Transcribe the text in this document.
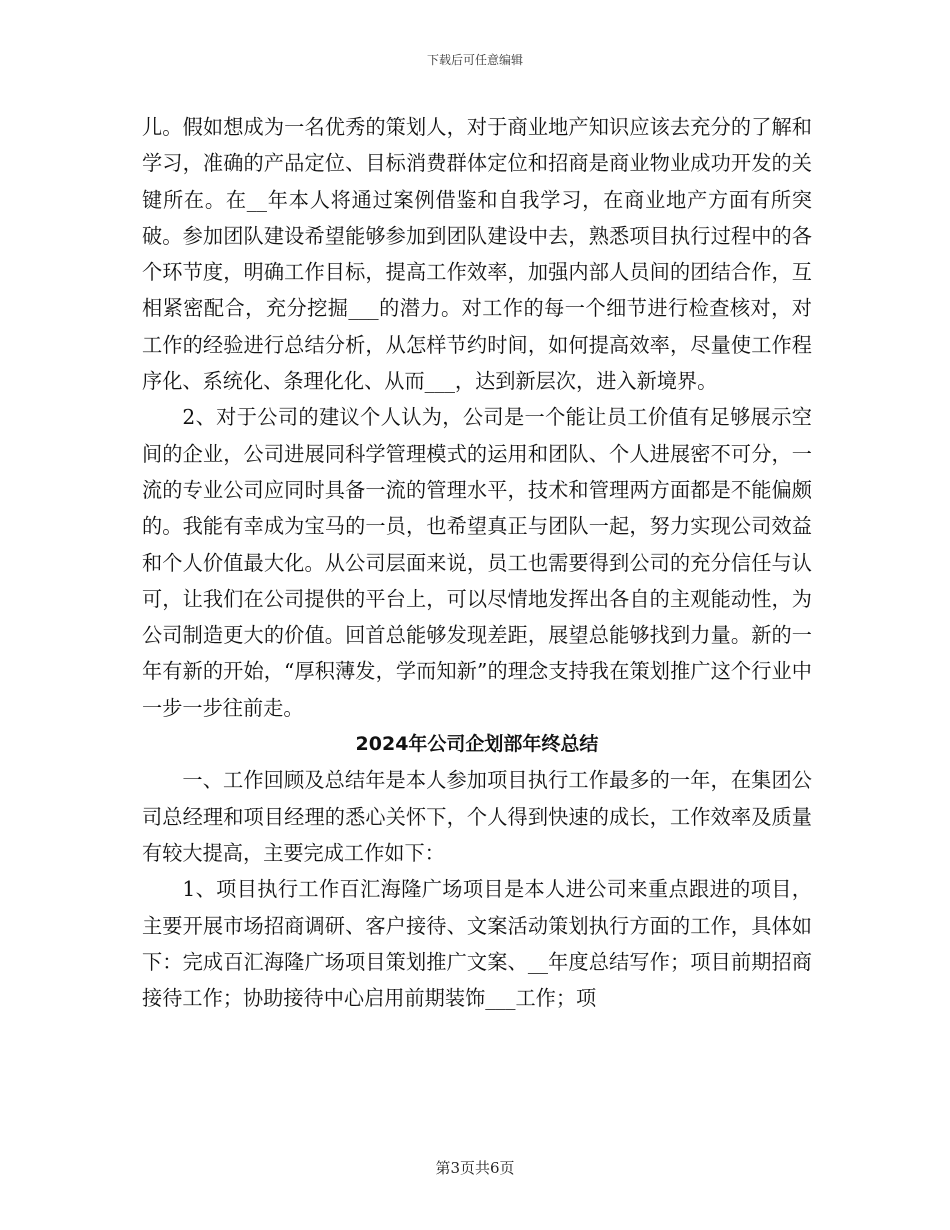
下载后可任意编辑

儿。假如想成为一名优秀的策划人，对于商业地产知识应该去充分的了解和学习，准确的产品定位、目标消费群体定位和招商是商业物业成功开发的关键所在。在__年本人将通过案例借鉴和自我学习，在商业地产方面有所突破。参加团队建设希望能够参加到团队建设中去，熟悉项目执行过程中的各个环节度，明确工作目标，提高工作效率，加强内部人员间的团结合作，互相紧密配合，充分挖掘___的潜力。对工作的每一个细节进行检查核对，对工作的经验进行总结分析，从怎样节约时间，如何提高效率，尽量使工作程序化、系统化、条理化化、从而___，达到新层次，进入新境界。

2、对于公司的建议个人认为，公司是一个能让员工价值有足够展示空间的企业，公司进展同科学管理模式的运用和团队、个人进展密不可分，一流的专业公司应同时具备一流的管理水平，技术和管理两方面都是不能偏颇的。我能有幸成为宝马的一员，也希望真正与团队一起，努力实现公司效益和个人价值最大化。从公司层面来说，员工也需要得到公司的充分信任与认可，让我们在公司提供的平台上，可以尽情地发挥出各自的主观能动性，为公司制造更大的价值。回首总能够发现差距，展望总能够找到力量。新的一年有新的开始，“厚积薄发，学而知新”的理念支持我在策划推广这个行业中一步一步往前走。

2024年公司企划部年终总结

一、工作回顾及总结年是本人参加项目执行工作最多的一年，在集团公司总经理和项目经理的悉心关怀下，个人得到快速的成长，工作效率及质量有较大提高，主要完成工作如下：

1、项目执行工作百汇海隆广场项目是本人进公司来重点跟进的项目，主要开展市场招商调研、客户接待、文案活动策划执行方面的工作，具体如下：完成百汇海隆广场项目策划推广文案、__年度总结写作；项目前期招商接待工作；协助接待中心启用前期装饰___工作；项

第3页共6页
